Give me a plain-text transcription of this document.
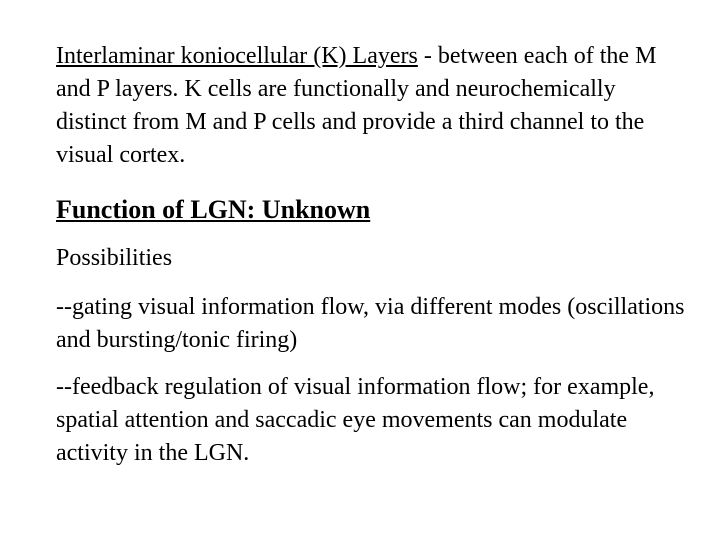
Interlaminar koniocellular (K) Layers - between each of the M and P layers. K cells are functionally and neurochemically distinct from M and P cells and provide a third channel to the visual cortex.

Function of LGN: Unknown

Possibilities

--gating visual information flow, via different modes (oscillations and bursting/tonic firing)

--feedback regulation of visual information flow; for example, spatial attention and saccadic eye movements can modulate activity in the LGN.
